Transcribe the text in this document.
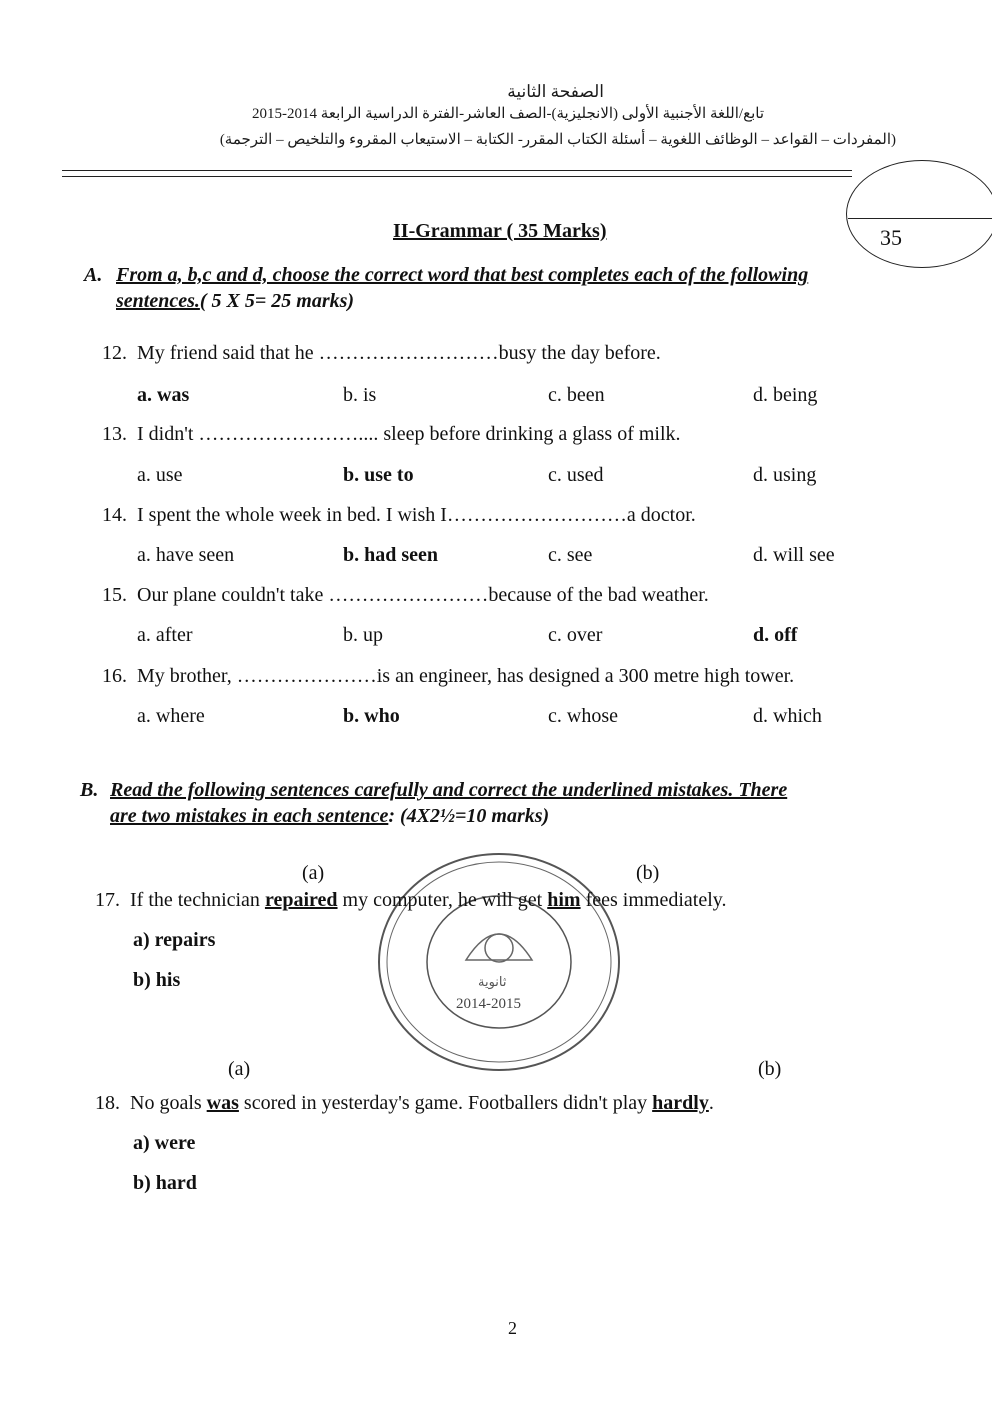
الصفحة الثانية
تابع/اللغة الأجنبية الأولى (الانجليزية)-الصف العاشر-الفترة الدراسية الرابعة 2014-2015
(المفردات – القواعد – الوظائف اللغوية – أسئلة الكتاب المقرر- الكتابة – الاستيعاب المقروء والتلخيص – الترجمة)
35
II-Grammar ( 35 Marks)
A. From a, b,c and d, choose the correct word that best completes each of the following
sentences.( 5 X 5= 25 marks)
12. My friend said that he ………………………busy the day before.
a. was	b. is	c. been	d. being
13. I didn't …………………….... sleep before drinking a glass of milk.
a. use	b. use to	c. used	d. using
14. I spent the whole week in bed. I wish I………………………a doctor.
a. have seen	b. had seen	c. see	d. will see
15. Our plane couldn't take ……………………because of the bad weather.
a. after	b. up	c. over	d. off
16. My brother, …………………is an engineer, has designed a 300 metre high tower.
a. where	b. who	c. whose	d. which
B. Read the following sentences carefully and correct the underlined mistakes. There
are two mistakes in each sentence: (4X2½=10 marks)
ثانوية
2014-2015
(a)	(b)
17. If the technician repaired my computer, he will get him fees immediately.
a) repairs
b) his
(a)	(b)
18. No goals was scored in yesterday's game. Footballers didn't play hardly.
a) were
b) hard
2
